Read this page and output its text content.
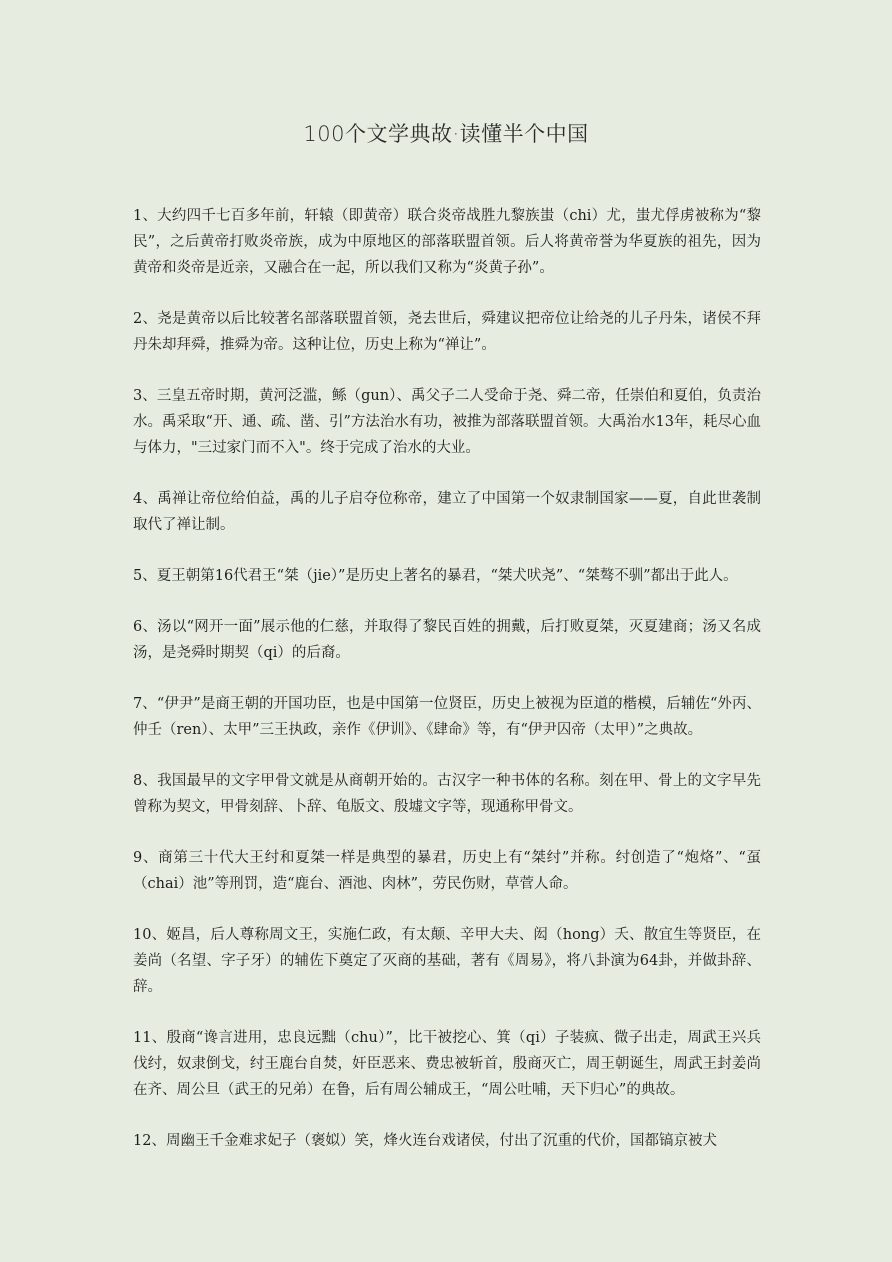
100个文学典故·读懂半个中国

1、大约四千七百多年前，轩辕（即黄帝）联合炎帝战胜九黎族蚩（chi）尤，蚩尤俘虏被称为“黎民”，之后黄帝打败炎帝族，成为中原地区的部落联盟首领。后人将黄帝誉为华夏族的祖先，因为黄帝和炎帝是近亲，又融合在一起，所以我们又称为“炎黄子孙”。

2、尧是黄帝以后比较著名部落联盟首领，尧去世后，舜建议把帝位让给尧的儿子丹朱，诸侯不拜丹朱却拜舜，推舜为帝。这种让位，历史上称为“禅让”。

3、三皇五帝时期，黄河泛滥，鲧（gun）、禹父子二人受命于尧、舜二帝，任崇伯和夏伯，负责治水。禹采取“开、通、疏、凿、引”方法治水有功，被推为部落联盟首领。大禹治水13年，耗尽心血与体力，"三过家门而不入"。终于完成了治水的大业。

4、禹禅让帝位给伯益，禹的儿子启夺位称帝，建立了中国第一个奴隶制国家——夏，自此世袭制取代了禅让制。

5、夏王朝第16代君王“桀（jie）”是历史上著名的暴君，“桀犬吠尧”、“桀骜不驯”都出于此人。

6、汤以“网开一面”展示他的仁慈，并取得了黎民百姓的拥戴，后打败夏桀，灭夏建商；汤又名成汤，是尧舜时期契（qi）的后裔。

7、“伊尹”是商王朝的开国功臣，也是中国第一位贤臣，历史上被视为臣道的楷模，后辅佐“外丙、仲壬（ren）、太甲”三王执政，亲作《伊训》、《肆命》等，有“伊尹囚帝（太甲）”之典故。

8、我国最早的文字甲骨文就是从商朝开始的。古汉字一种书体的名称。刻在甲、骨上的文字早先曾称为契文，甲骨刻辞、卜辞、龟版文、殷墟文字等，现通称甲骨文。

9、商第三十代大王纣和夏桀一样是典型的暴君，历史上有“桀纣”并称。纣创造了“炮烙”、“虿（chai）池”等刑罚，造“鹿台、酒池、肉林”，劳民伤财，草菅人命。

10、姬昌，后人尊称周文王，实施仁政，有太颠、辛甲大夫、闳（hong）夭、散宜生等贤臣，在姜尚（名望、字子牙）的辅佐下奠定了灭商的基础，著有《周易》，将八卦演为64卦，并做卦辞、辞。

11、殷商“谗言进用，忠良远黜（chu）”，比干被挖心、箕（qi）子装疯、微子出走，周武王兴兵伐纣，奴隶倒戈，纣王鹿台自焚，奸臣恶来、费忠被斩首，殷商灭亡，周王朝诞生，周武王封姜尚在齐、周公旦（武王的兄弟）在鲁，后有周公辅成王，“周公吐哺，天下归心”的典故。

12、周幽王千金难求妃子（褒姒）笑，烽火连台戏诸侯，付出了沉重的代价，国都镐京被犬
